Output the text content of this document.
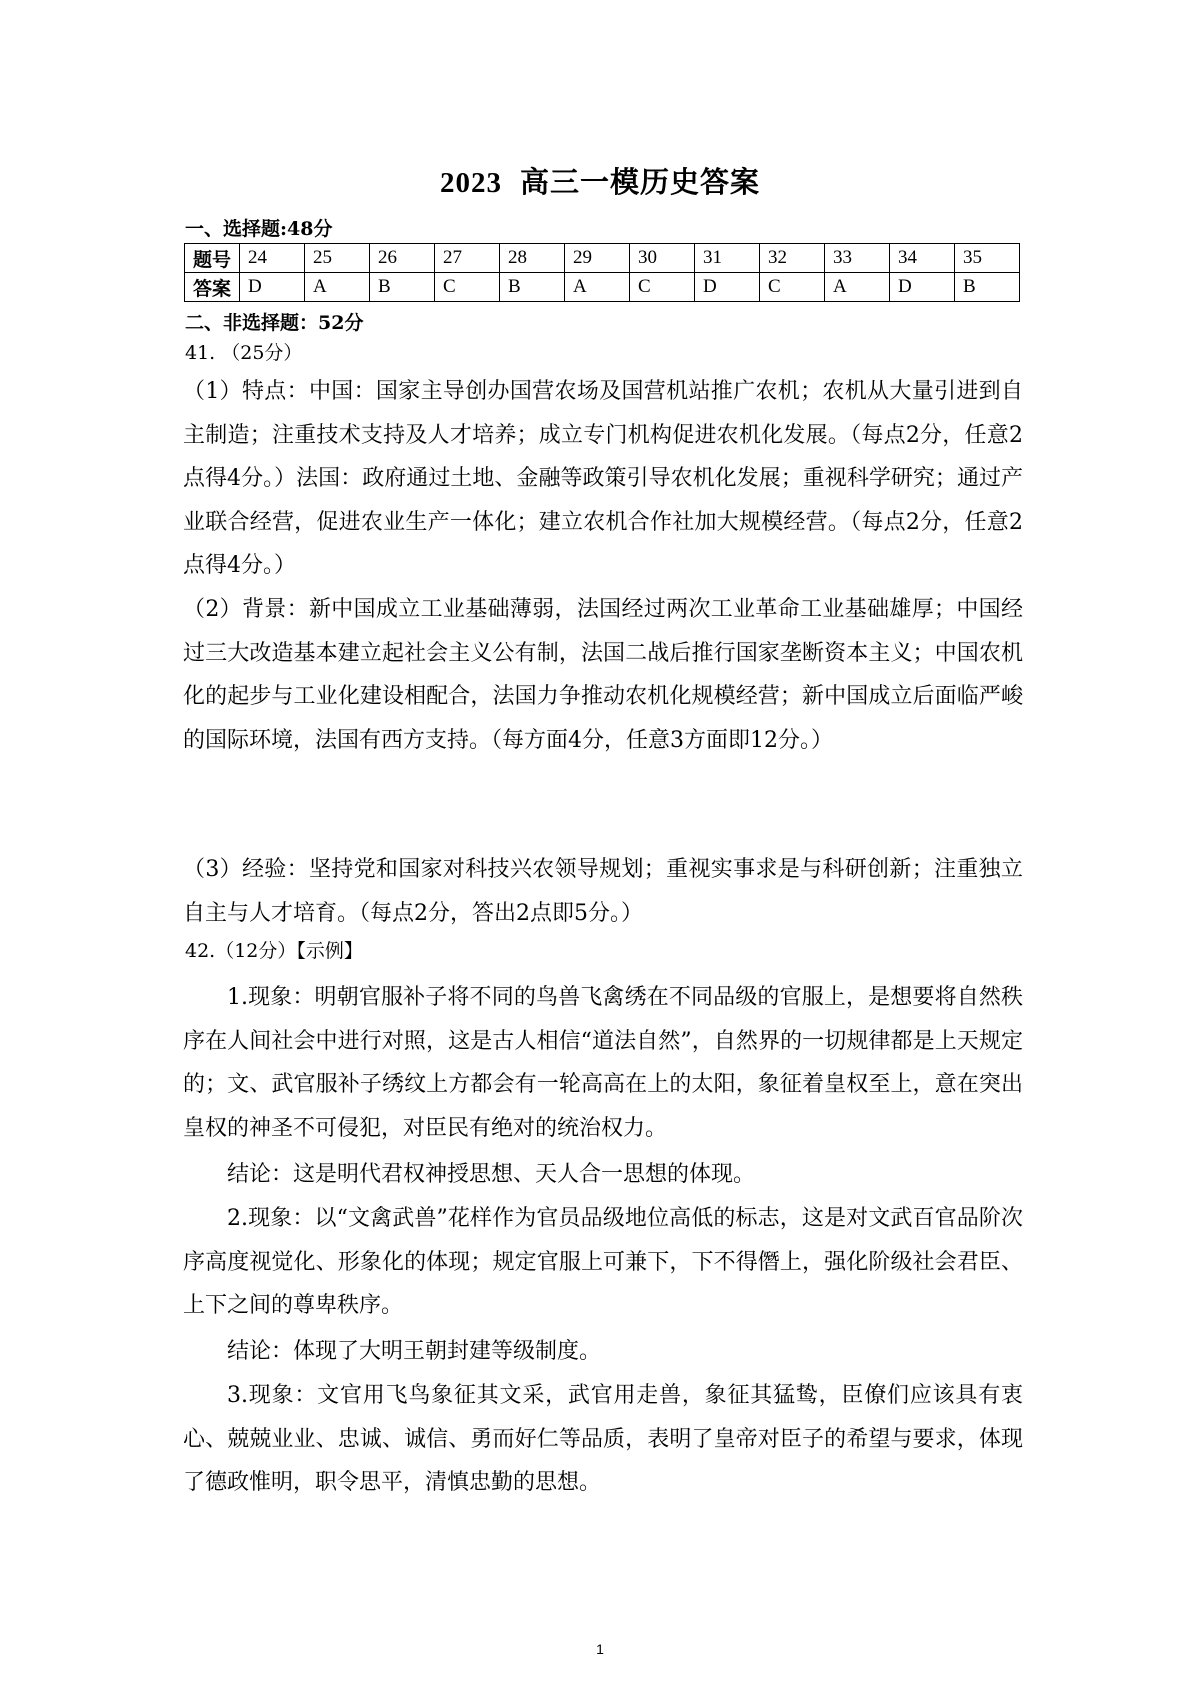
2023 高三一模历史答案
一、选择题:48分
题号	24	25	26	27	28	29	30	31	32	33	34	35
答案	D	A	B	C	B	A	C	D	C	A	D	B
二、非选择题：52分
41. （25分）
（1）特点：中国：国家主导创办国营农场及国营机站推广农机；农机从大量引进到自主制造；注重技术支持及人才培养；成立专门机构促进农机化发展。（每点2分，任意2点得4分。）法国：政府通过土地、金融等政策引导农机化发展；重视科学研究；通过产业联合经营，促进农业生产一体化；建立农机合作社加大规模经营。（每点2分，任意2点得4分。）
（2）背景：新中国成立工业基础薄弱，法国经过两次工业革命工业基础雄厚；中国经过三大改造基本建立起社会主义公有制，法国二战后推行国家垄断资本主义；中国农机化的起步与工业化建设相配合，法国力争推动农机化规模经营；新中国成立后面临严峻的国际环境，法国有西方支持。（每方面4分，任意3方面即12分。）
（3）经验：坚持党和国家对科技兴农领导规划；重视实事求是与科研创新；注重独立自主与人才培育。（每点2分，答出2点即5分。）
42.（12分）【示例】
1.现象：明朝官服补子将不同的鸟兽飞禽绣在不同品级的官服上，是想要将自然秩序在人间社会中进行对照，这是古人相信“道法自然”，自然界的一切规律都是上天规定的；文、武官服补子绣纹上方都会有一轮高高在上的太阳，象征着皇权至上，意在突出皇权的神圣不可侵犯，对臣民有绝对的统治权力。
结论：这是明代君权神授思想、天人合一思想的体现。
2.现象：以“文禽武兽”花样作为官员品级地位高低的标志，这是对文武百官品阶次序高度视觉化、形象化的体现；规定官服上可兼下，下不得僭上，强化阶级社会君臣、上下之间的尊卑秩序。
结论：体现了大明王朝封建等级制度。
3.现象：文官用飞鸟象征其文采，武官用走兽，象征其猛鸷，臣僚们应该具有衷心、兢兢业业、忠诚、诚信、勇而好仁等品质，表明了皇帝对臣子的希望与要求，体现了德政惟明，职令思平，清慎忠勤的思想。
1
